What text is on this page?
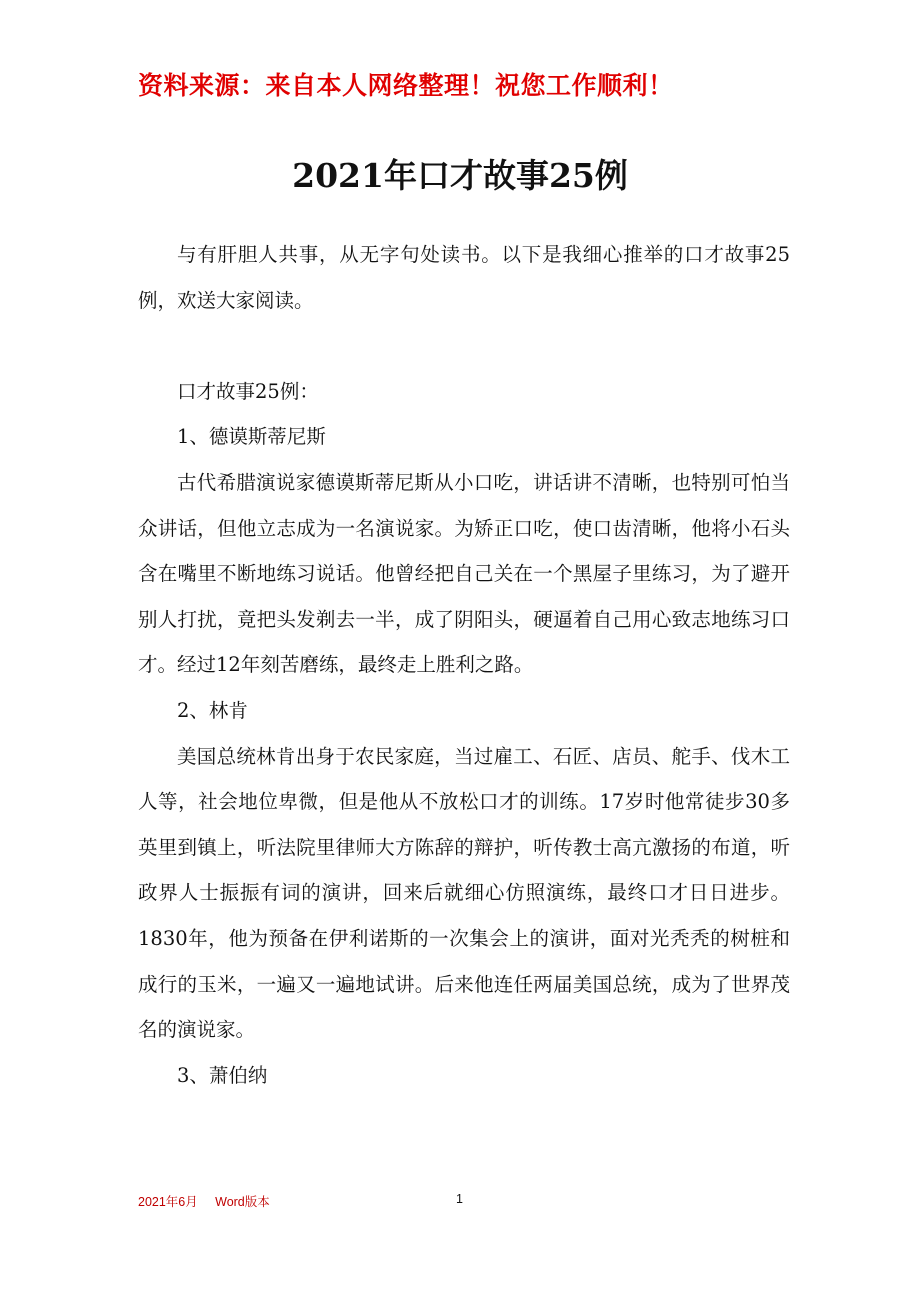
资料来源：来自本人网络整理！祝您工作顺利！
2021年口才故事25例

与有肝胆人共事，从无字句处读书。以下是我细心推举的口才故事25例，欢送大家阅读。

口才故事25例：

1、德谟斯蒂尼斯

古代希腊演说家德谟斯蒂尼斯从小口吃，讲话讲不清晰，也特别可怕当众讲话，但他立志成为一名演说家。为矫正口吃，使口齿清晰，他将小石头含在嘴里不断地练习说话。他曾经把自己关在一个黑屋子里练习，为了避开别人打扰，竟把头发剃去一半，成了阴阳头，硬逼着自己用心致志地练习口才。经过12年刻苦磨练，最终走上胜利之路。

2、林肯

美国总统林肯出身于农民家庭，当过雇工、石匠、店员、舵手、伐木工人等，社会地位卑微，但是他从不放松口才的训练。17岁时他常徒步30多英里到镇上，听法院里律师大方陈辞的辩护，听传教士高亢激扬的布道，听政界人士振振有词的演讲，回来后就细心仿照演练，最终口才日日进步。1830年，他为预备在伊利诺斯的一次集会上的演讲，面对光秃秃的树桩和成行的玉米，一遍又一遍地试讲。后来他连任两届美国总统，成为了世界茂名的演说家。

3、萧伯纳

2021年6月     Word版本	1
